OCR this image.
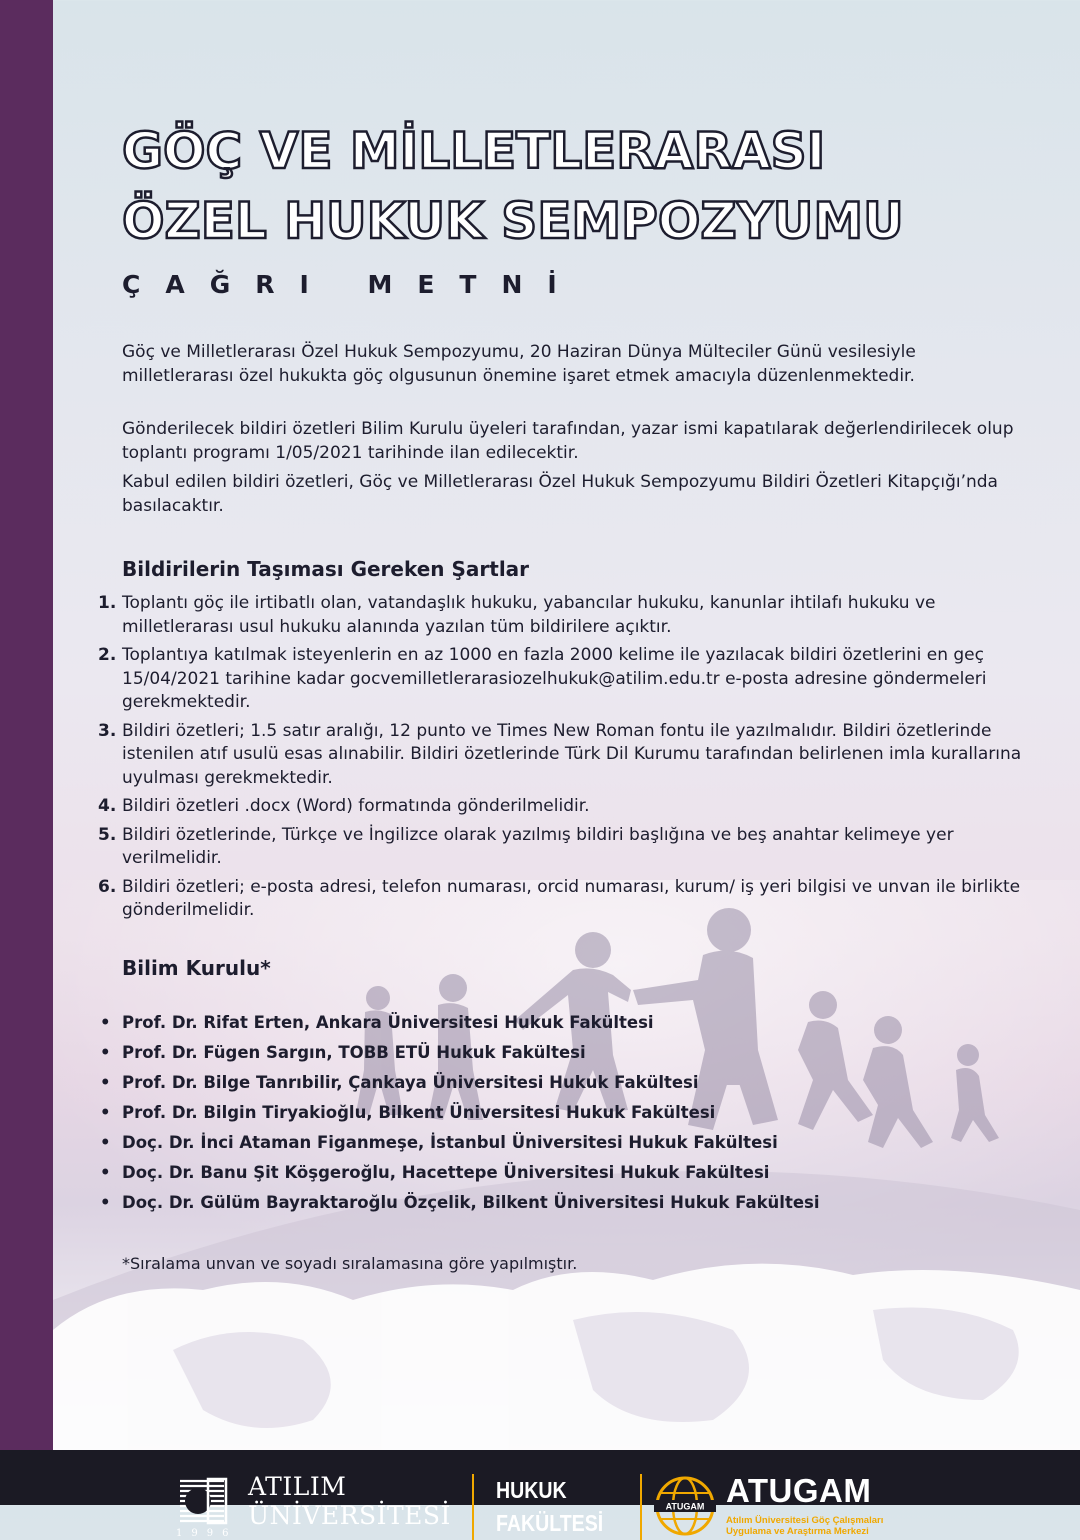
GÖÇ VE MİLLETLERARASI
ÖZEL HUKUK SEMPOZYUMU
ÇAĞRI METNİ

Göç ve Milletlerarası Özel Hukuk Sempozyumu, 20 Haziran Dünya Mülteciler Günü vesilesiyle milletlerarası özel hukukta göç olgusunun önemine işaret etmek amacıyla düzenlenmektedir.

Gönderilecek bildiri özetleri Bilim Kurulu üyeleri tarafından, yazar ismi kapatılarak değerlendirilecek olup toplantı programı 1/05/2021 tarihinde ilan edilecektir.

Kabul edilen bildiri özetleri, Göç ve Milletlerarası Özel Hukuk Sempozyumu Bildiri Özetleri Kitapçığı’nda basılacaktır.

Bildirilerin Taşıması Gereken Şartlar
1. Toplantı göç ile irtibatlı olan, vatandaşlık hukuku, yabancılar hukuku, kanunlar ihtilafı hukuku ve milletlerarası usul hukuku alanında yazılan tüm bildirilere açıktır.
2. Toplantıya katılmak isteyenlerin en az 1000 en fazla 2000 kelime ile yazılacak bildiri özetlerini en geç 15/04/2021 tarihine kadar gocvemilletlerarasiozelhukuk@atilim.edu.tr e-posta adresine göndermeleri gerekmektedir.
3. Bildiri özetleri; 1.5 satır aralığı, 12 punto ve Times New Roman fontu ile yazılmalıdır. Bildiri özetlerinde istenilen atıf usulü esas alınabilir. Bildiri özetlerinde Türk Dil Kurumu tarafından belirlenen imla kurallarına uyulması gerekmektedir.
4. Bildiri özetleri .docx (Word) formatında gönderilmelidir.
5. Bildiri özetlerinde, Türkçe ve İngilizce olarak yazılmış bildiri başlığına ve beş anahtar kelimeye yer verilmelidir.
6. Bildiri özetleri; e-posta adresi, telefon numarası, orcid numarası, kurum/ iş yeri bilgisi ve unvan ile birlikte gönderilmelidir.
Bilim Kurulu*
• Prof. Dr. Rifat Erten, Ankara Üniversitesi Hukuk Fakültesi
• Prof. Dr. Fügen Sargın, TOBB ETÜ Hukuk Fakültesi
• Prof. Dr. Bilge Tanrıbilir, Çankaya Üniversitesi Hukuk Fakültesi
• Prof. Dr. Bilgin Tiryakioğlu, Bilkent Üniversitesi Hukuk Fakültesi
• Doç. Dr. İnci Ataman Figanmeşe, İstanbul Üniversitesi Hukuk Fakültesi
• Doç. Dr. Banu Şit Köşgeroğlu, Hacettepe Üniversitesi Hukuk Fakültesi
• Doç. Dr. Gülüm Bayraktaroğlu Özçelik, Bilkent Üniversitesi Hukuk Fakültesi
*Sıralama unvan ve soyadı sıralamasına göre yapılmıştır.
ATILIM
ÜNİVERSİTESİ
1996
HUKUK
FAKÜLTESİ
ATUGAM ATUGAM
Atılım Üniversitesi Göç Çalışmaları
Uygulama ve Araştırma Merkezi
